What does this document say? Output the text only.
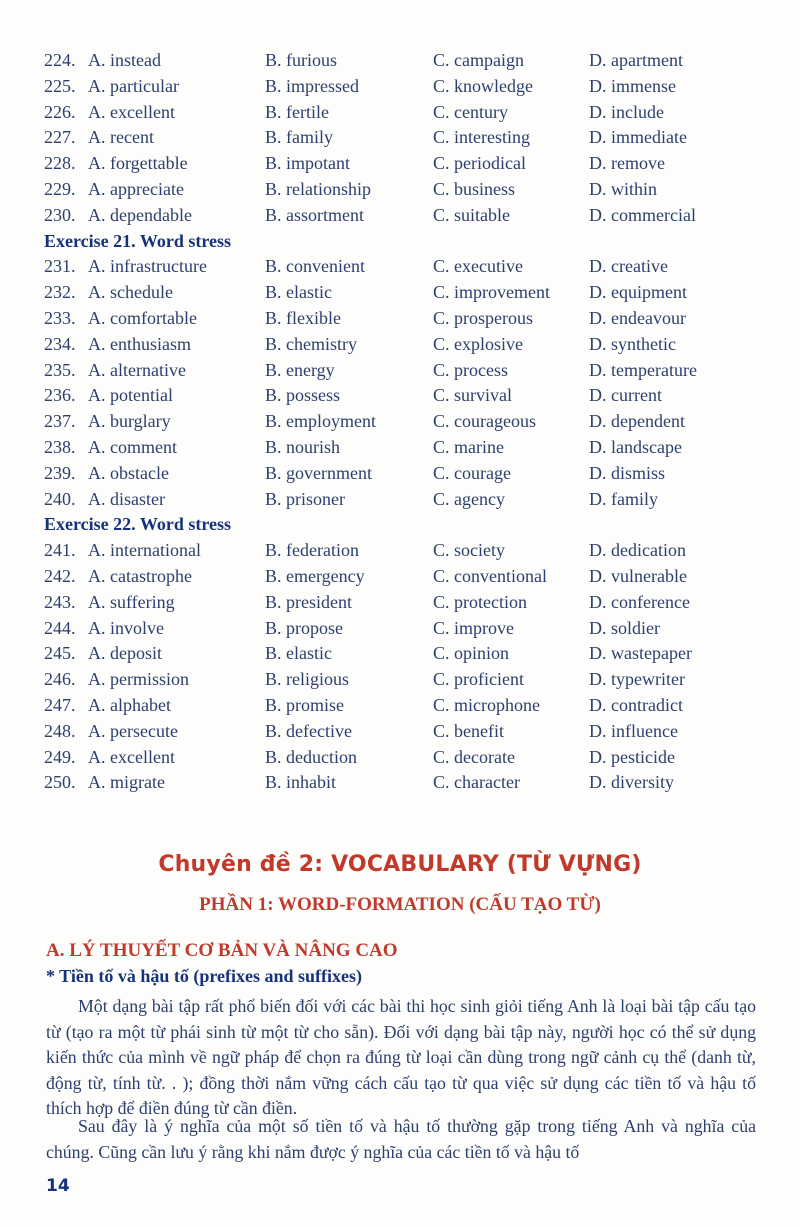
224. A. instead	B. furious	C. campaign	D. apartment
225. A. particular	B. impressed	C. knowledge	D. immense
226. A. excellent	B. fertile	C. century	D. include
227. A. recent	B. family	C. interesting	D. immediate
228. A. forgettable	B. impotant	C. periodical	D. remove
229. A. appreciate	B. relationship	C. business	D. within
230. A. dependable	B. assortment	C. suitable	D. commercial
Exercise 21. Word stress
231. A. infrastructure	B. convenient	C. executive	D. creative
232. A. schedule	B. elastic	C. improvement D. equipment
233. A. comfortable	B. flexible	C. prosperous	D. endeavour
234. A. enthusiasm	B. chemistry	C. explosive	D. synthetic
235. A. alternative	B. energy	C. process	D. temperature
236. A. potential	B. possess	C. survival	D. current
237. A. burglary	B. employment	C. courageous	D. dependent
238. A. comment	B. nourish	C. marine	D. landscape
239. A. obstacle	B. government	C. courage	D. dismiss
240. A. disaster	B. prisoner	C. agency	D. family
Exercise 22. Word stress
241. A. international	B. federation	C. society	D. dedication
242. A. catastrophe	B. emergency	C. conventional D. vulnerable
243. A. suffering	B. president	C. protection	D. conference
244. A. involve	B. propose	C. improve	D. soldier
245. A. deposit	B. elastic	C. opinion	D. wastepaper
246. A. permission	B. religious	C. proficient	D. typewriter
247. A. alphabet	B. promise	C. microphone	D. contradict
248. A. persecute	B. defective	C. benefit	D. influence
249. A. excellent	B. deduction	C. decorate	D. pesticide
250. A. migrate	B. inhabit	C. character	D. diversity
Chuyên đề 2: VOCABULARY (TỪ VỰNG)
PHẦN 1: WORD-FORMATION (CẤU TẠO TỪ)
A. LÝ THUYẾT CƠ BẢN VÀ NÂNG CAO
* Tiền tố và hậu tố (prefixes and suffixes)
Một dạng bài tập rất phổ biến đối với các bài thi học sinh giỏi tiếng Anh là loại bài tập cấu tạo từ (tạo ra một từ phái sinh từ một từ cho sẵn). Đối với dạng bài tập này, người học có thể sử dụng kiến thức của mình về ngữ pháp để chọn ra đúng từ loại cần dùng trong ngữ cảnh cụ thể (danh từ, động từ, tính từ. . ); đồng thời nắm vững cách cấu tạo từ qua việc sử dụng các tiền tố và hậu tố thích hợp để điền đúng từ cần điền.
Sau đây là ý nghĩa của một số tiền tố và hậu tố thường gặp trong tiếng Anh và nghĩa của chúng. Cũng cần lưu ý rằng khi nắm được ý nghĩa của các tiền tố và hậu tố
14
